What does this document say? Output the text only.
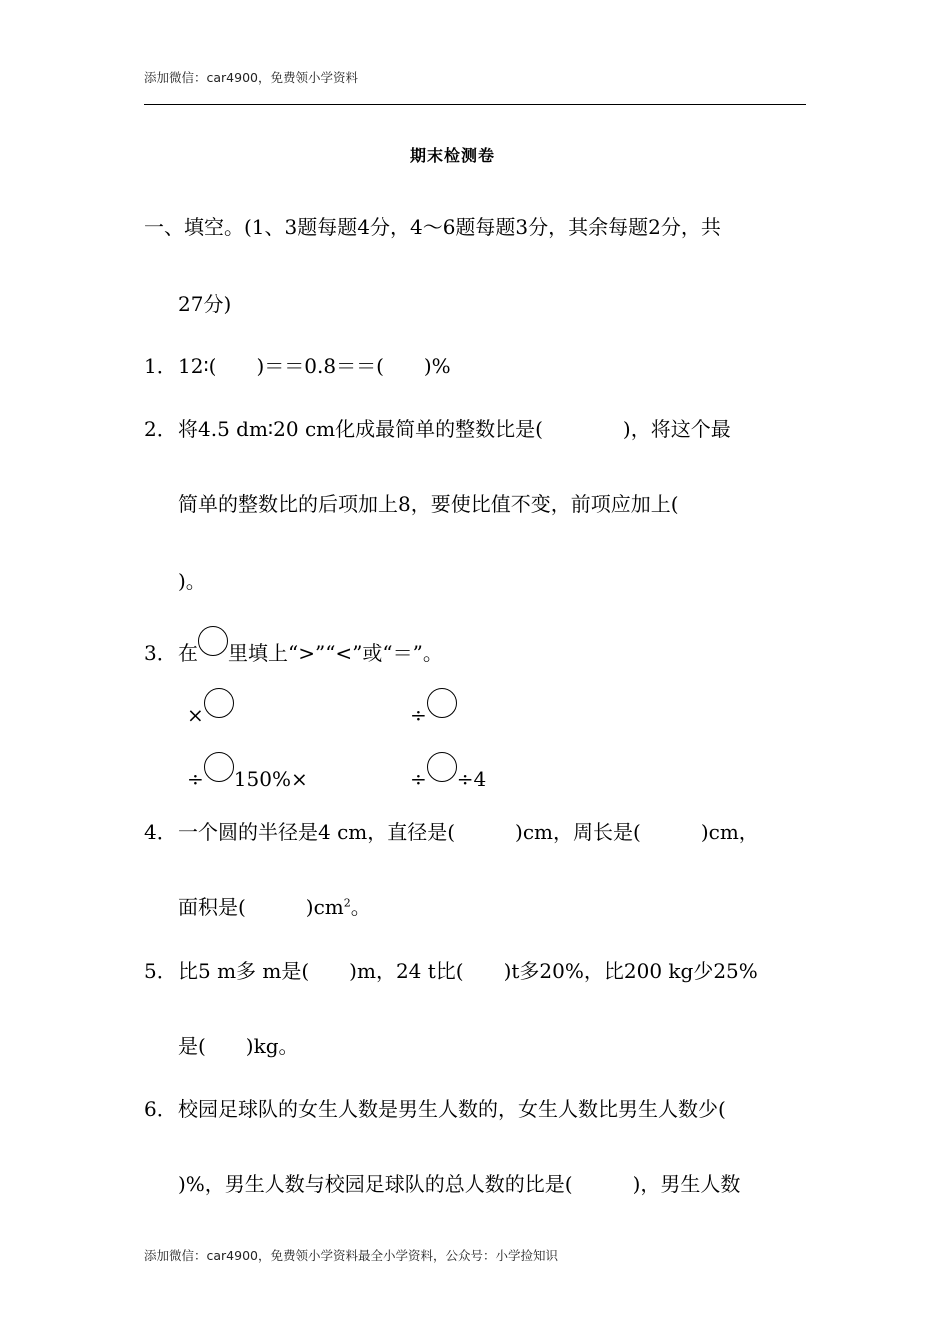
添加微信：car4900，免费领小学资料
期末检测卷
一、填空。(1、3题每题4分，4～6题每题3分，其余每题2分，共
27分)
1．12∶(　　)＝＝0.8＝＝(　　)%
2．将4.5 dm∶20 cm化成最简单的整数比是(　　　　)，将这个最
简单的整数比的后项加上8，要使比值不变，前项应加上(
)。
3．在 里填上“>”“<”或“＝”。
×	÷
÷ 150%×	÷ ÷4
4．一个圆的半径是4 cm，直径是(　　　)cm，周长是(　　　)cm，
面积是(　　　)$cm^2$。
5．比5 m多 m是(　　)m，24 t比(　　)t多20%，比200 kg少25%
是(　　)kg。
6．校园足球队的女生人数是男生人数的，女生人数比男生人数少(
)%，男生人数与校园足球队的总人数的比是(　　　)，男生人数
添加微信：car4900，免费领小学资料最全小学资料，公众号：小学捡知识
